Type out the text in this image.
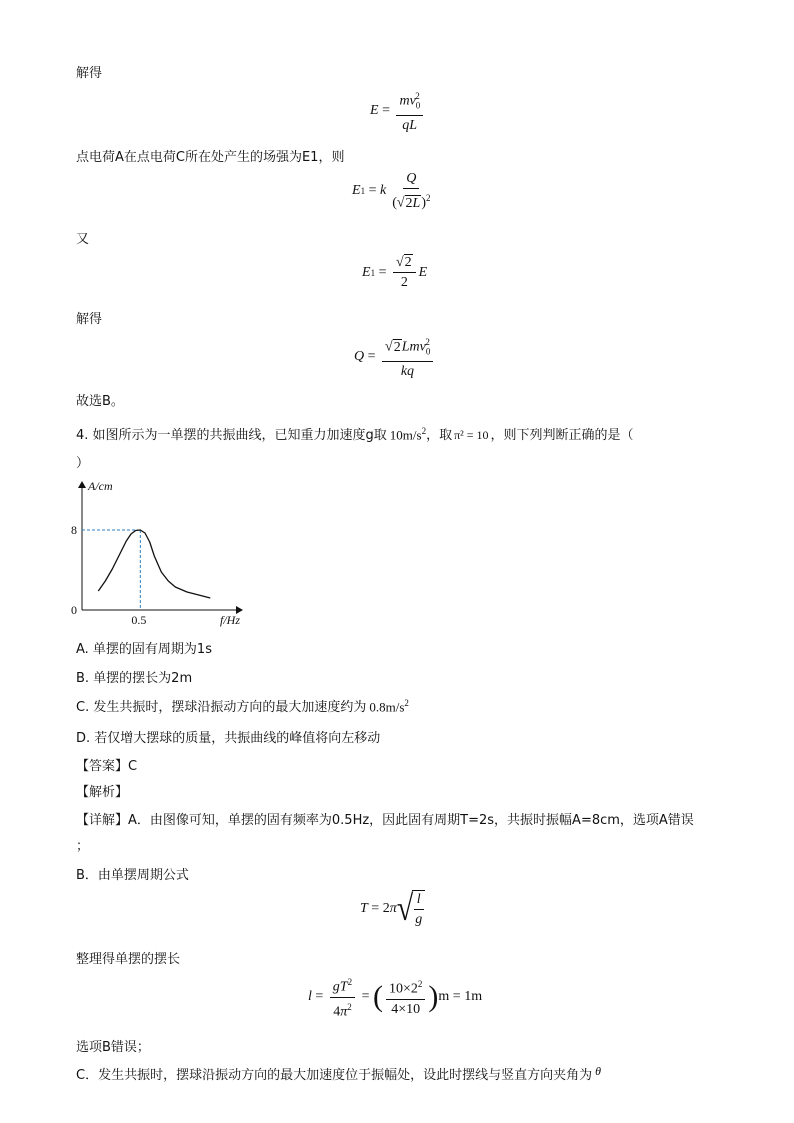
解得
$E = \frac{mv_0^2}{qL}$
点电荷A在点电荷C所在处产生的场强为E1，则
E 1 = k $\frac{Q}{(√2L)^2}$
又
E $1 = \frac{√2}{2}$ E
解得
$Q = \frac{√2Lmv_0^2}{kq}$
故选B。
4. 如图所示为一单摆的共振曲线，已知重力加速度g取 $10m/s^2$ ，取 π² = 10 ，则下列判断正确的是（
）
A/cm
f/Hz
8
0.5
0
A. 单摆的固有周期为1s
B. 单摆的摆长为2m
C. 发生共振时，摆球沿振动方向的最大加速度约为 $0.8m/s^2$
D. 若仅增大摆球的质量，共振曲线的峰值将向左移动
【答案】C
【解析】
【详解】A．由图像可知，单摆的固有频率为0.5Hz，因此固有周期T=2s，共振时振幅A=8cm，选项A错误
；
B．由单摆周期公式
T = 2 π √ $\frac{l}{g}$
整理得单摆的摆长
$l = \frac{gT^2}{4\pi^2}$ = ( $\frac{10\times 2^2}{4\times 10}$ ) m = 1m
选项B错误；
C．发生共振时，摆球沿振动方向的最大加速度位于振幅处，设此时摆线与竖直方向夹角为 θ
